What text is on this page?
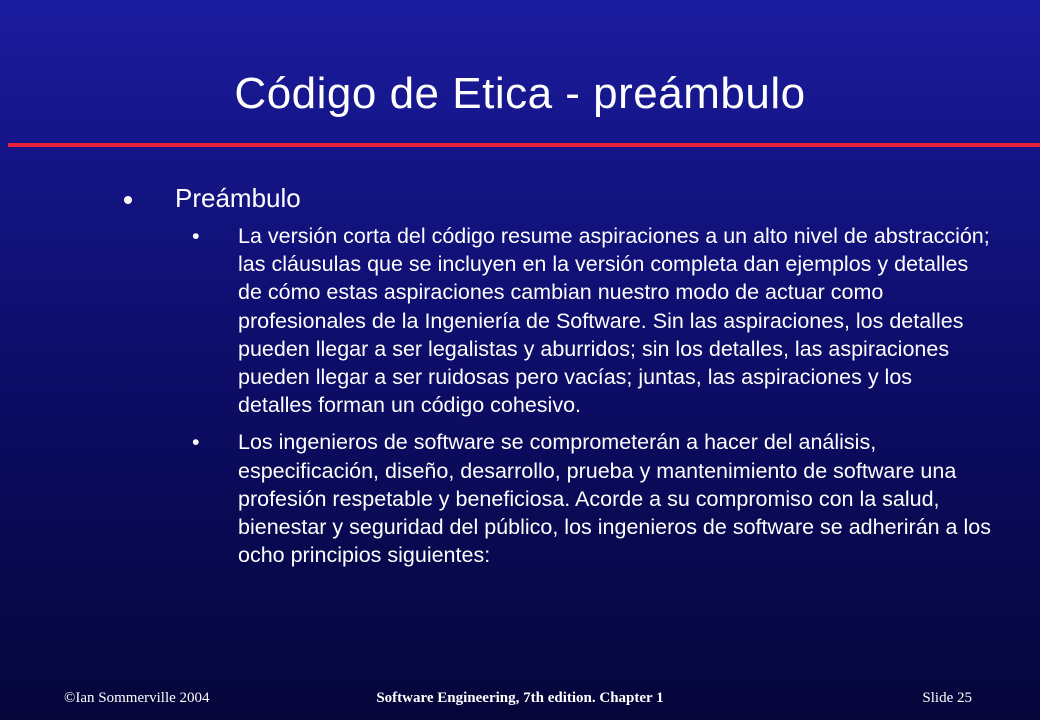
Código de Etica - preámbulo
Preámbulo
• La versión corta del código resume aspiraciones a un alto nivel de abstracción; las cláusulas que se incluyen en la versión completa dan ejemplos y detalles de cómo estas aspiraciones cambian nuestro modo de actuar como profesionales de la Ingeniería de Software. Sin las aspiraciones, los detalles pueden llegar a ser legalistas y aburridos; sin los detalles, las aspiraciones pueden llegar a ser ruidosas pero vacías; juntas, las aspiraciones y los detalles forman un código cohesivo.
• Los ingenieros de software se comprometerán a hacer del análisis, especificación, diseño, desarrollo, prueba y mantenimiento de software una profesión respetable y beneficiosa. Acorde a su compromiso con la salud, bienestar y seguridad del público, los ingenieros de software se adherirán a los ocho principios siguientes:
©Ian Sommerville 2004	Software Engineering, 7th edition. Chapter 1	Slide 25
